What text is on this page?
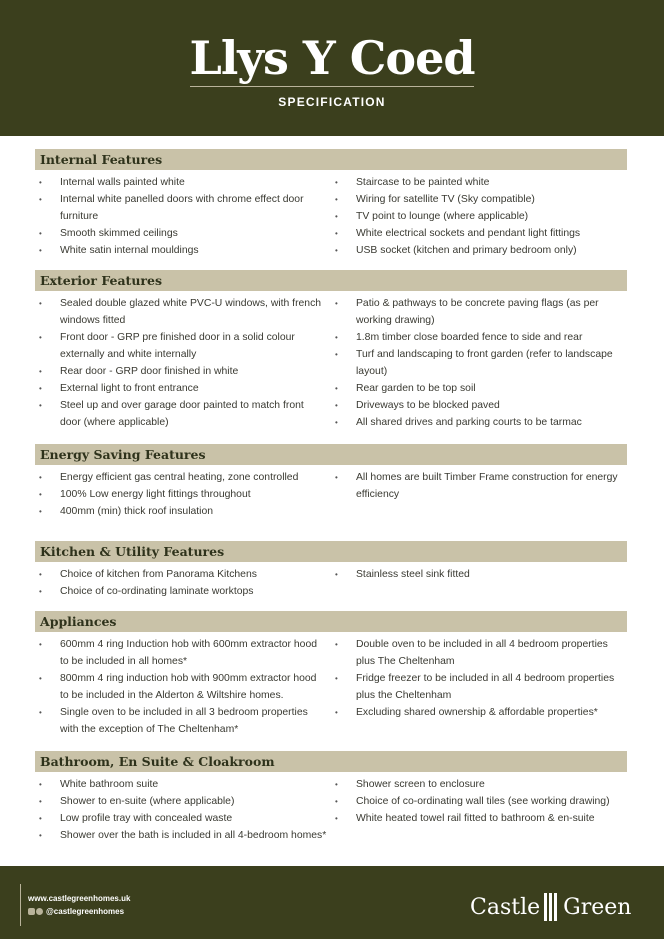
Llys Y Coed
SPECIFICATION
Internal Features
• Internal walls painted white
• Internal white panelled doors with chrome effect door furniture
• Smooth skimmed ceilings
• White satin internal mouldings
• Staircase to be painted white
• Wiring for satellite TV (Sky compatible)
• TV point to lounge (where applicable)
• White electrical sockets and pendant light fittings
• USB socket (kitchen and primary bedroom only)
Exterior Features
• Sealed double glazed white PVC-U windows, with french windows fitted
• Front door - GRP pre finished door in a solid colour externally and white internally
• Rear door - GRP door finished in white
• External light to front entrance
• Steel up and over garage door painted to match front door (where applicable)
• Patio & pathways to be concrete paving flags (as per working drawing)
• 1.8m timber close boarded fence to side and rear
• Turf and landscaping to front garden (refer to landscape layout)
• Rear garden to be top soil
• Driveways to be blocked paved
• All shared drives and parking courts to be tarmac
Energy Saving Features
• Energy efficient gas central heating, zone controlled
• 100% Low energy light fittings throughout
• 400mm (min) thick roof insulation
• All homes are built Timber Frame construction for energy efficiency
Kitchen & Utility Features
• Choice of kitchen from Panorama Kitchens
• Choice of co-ordinating laminate worktops
• Stainless steel sink fitted
Appliances
• 600mm 4 ring Induction hob with 600mm extractor hood to be included in all homes*
• 800mm 4 ring induction hob with 900mm extractor hood to be included in the Alderton & Wiltshire homes.
• Single oven to be included in all 3 bedroom properties with the exception of The Cheltenham*
• Double oven to be included in all 4 bedroom properties plus The Cheltenham
• Fridge freezer to be included in all 4 bedroom properties plus the Cheltenham
• Excluding shared ownership & affordable properties*
Bathroom, En Suite & Cloakroom
• White bathroom suite
• Shower to en-suite (where applicable)
• Low profile tray with concealed waste
• Shower over the bath is included in all 4-bedroom homes*
• Shower screen to enclosure
• Choice of co-ordinating wall tiles (see working drawing)
• White heated towel rail fitted to bathroom & en-suite
www.castlegreenhomes.uk
@castlegreenhomes	Castle Green
